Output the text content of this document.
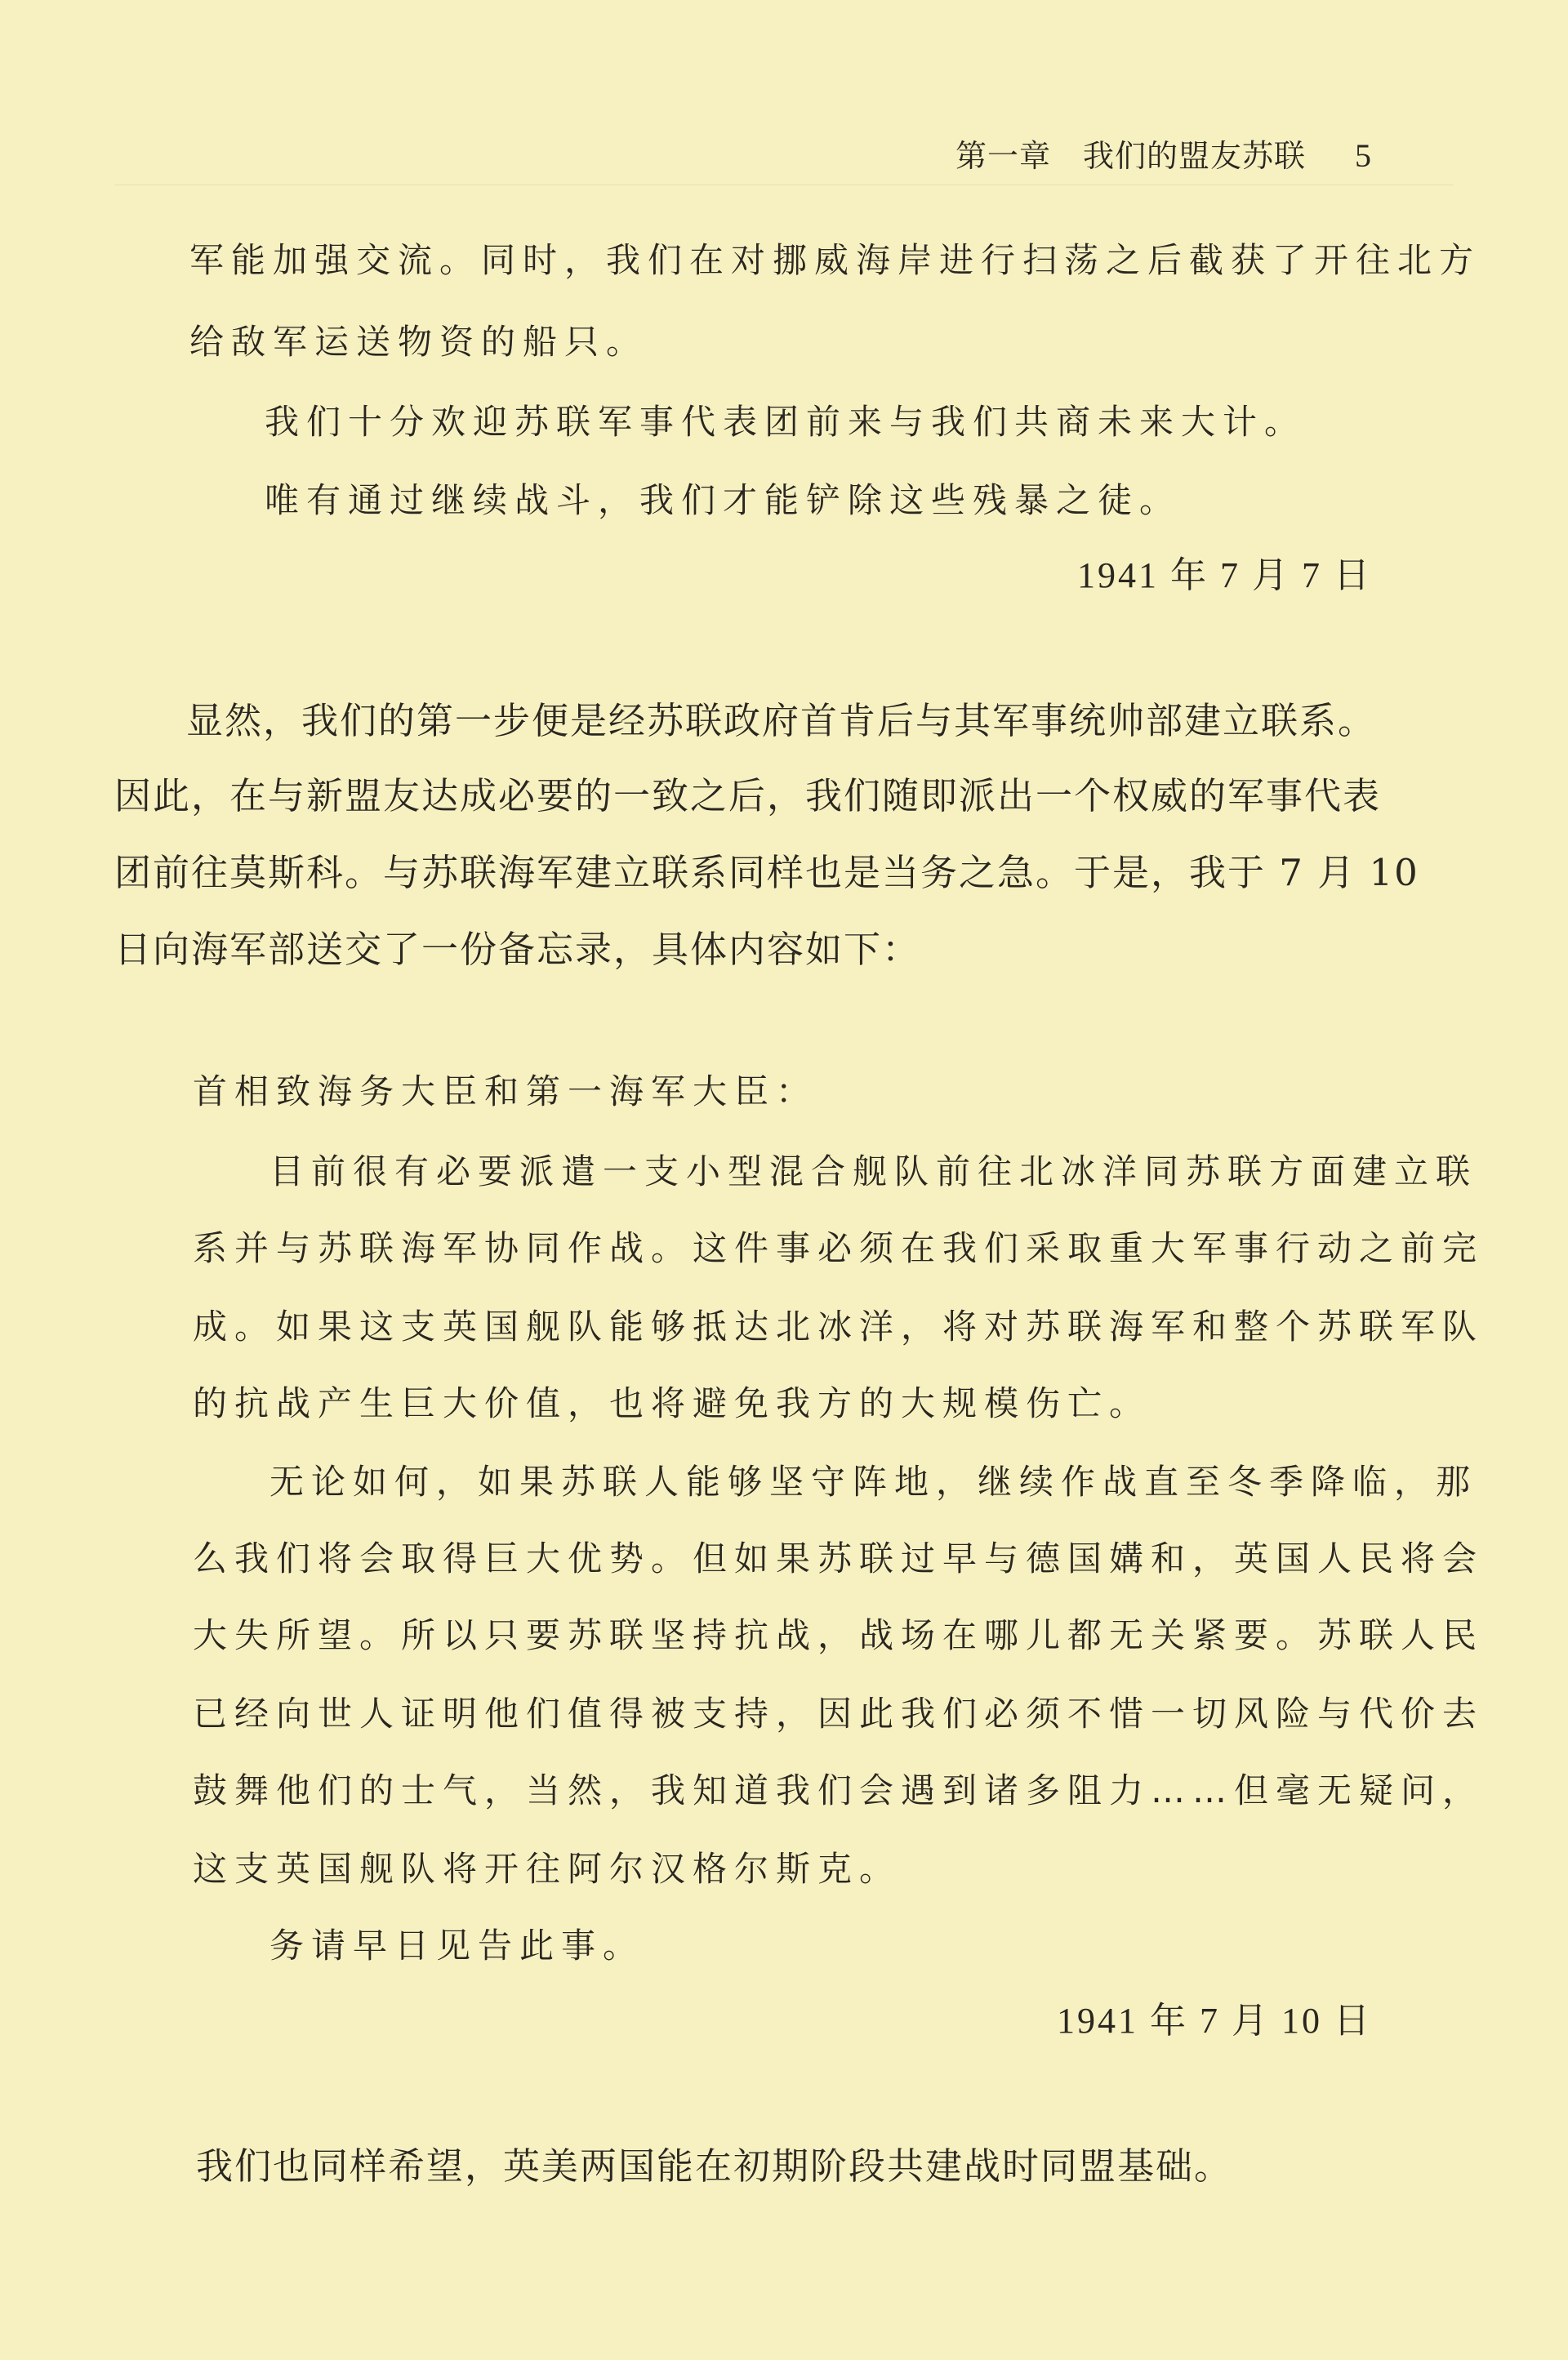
第一章　我们的盟友苏联 5
军能加强交流。同时，我们在对挪威海岸进行扫荡之后截获了开往北方
给敌军运送物资的船只。
我们十分欢迎苏联军事代表团前来与我们共商未来大计。
唯有通过继续战斗，我们才能铲除这些残暴之徒。
1941 年 7 月 7 日
显然，我们的第一步便是经苏联政府首肯后与其军事统帅部建立联系。
因此，在与新盟友达成必要的一致之后，我们随即派出一个权威的军事代表
团前往莫斯科。与苏联海军建立联系同样也是当务之急。于是，我于 7 月 10
日向海军部送交了一份备忘录，具体内容如下：
首相致海务大臣和第一海军大臣：
目前很有必要派遣一支小型混合舰队前往北冰洋同苏联方面建立联
系并与苏联海军协同作战。这件事必须在我们采取重大军事行动之前完
成。如果这支英国舰队能够抵达北冰洋，将对苏联海军和整个苏联军队
的抗战产生巨大价值，也将避免我方的大规模伤亡。
无论如何，如果苏联人能够坚守阵地，继续作战直至冬季降临，那
么我们将会取得巨大优势。但如果苏联过早与德国媾和，英国人民将会
大失所望。所以只要苏联坚持抗战，战场在哪儿都无关紧要。苏联人民
已经向世人证明他们值得被支持，因此我们必须不惜一切风险与代价去
鼓舞他们的士气，当然，我知道我们会遇到诸多阻力……但毫无疑问，
这支英国舰队将开往阿尔汉格尔斯克。
务请早日见告此事。
1941 年 7 月 10 日
我们也同样希望，英美两国能在初期阶段共建战时同盟基础。
